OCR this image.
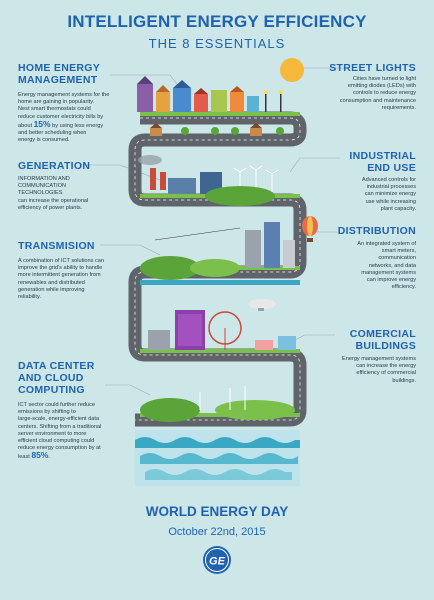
INTELLIGENT ENERGY EFFICIENCY
THE 8 ESSENTIALS
GE
HOME ENERGY
MANAGEMENT
Energy management systems for the
home are gaining in popularity.
Nest smart thermostats could
reduce customer electricity bills by
about 15% by using less energy
and better scheduling when
energy is consumed.
STREET LIGHTS
Cities have turned to light
emitting diodes (LEDs) with
controls to reduce energy
consumption and maintenance
requirements.
GENERATION
INFORMATION AND
COMMUNICATION
TECHNOLOGIES
can increase the operational
efficiency of power plants.
INDUSTRIAL
END USE
Advanced controls for
industrial processes
can minimize energy
use while increasing
plant capacity.
TRANSMISION
A combination of ICT solutions can
improve the grid's ability to handle
more intermittent generation from
renewables and distributed
generation while improving
reliability.
DISTRIBUTION
An integrated system of
smart meters,
communication
networks, and data
management systems
can improve energy
efficiency.
COMERCIAL
BUILDINGS
Energy management systems
can increase the energy
efficiency of commercial
buildings.
DATA CENTER
AND CLOUD
COMPUTING
ICT sector could further reduce
emissions by shifting to
large-scale, energy-efficient data
centers. Shifting from a traditional
server environment to more
efficient cloud computing could
reduce energy consumption by at
least 85%.
WORLD ENERGY DAY
October 22nd, 2015
